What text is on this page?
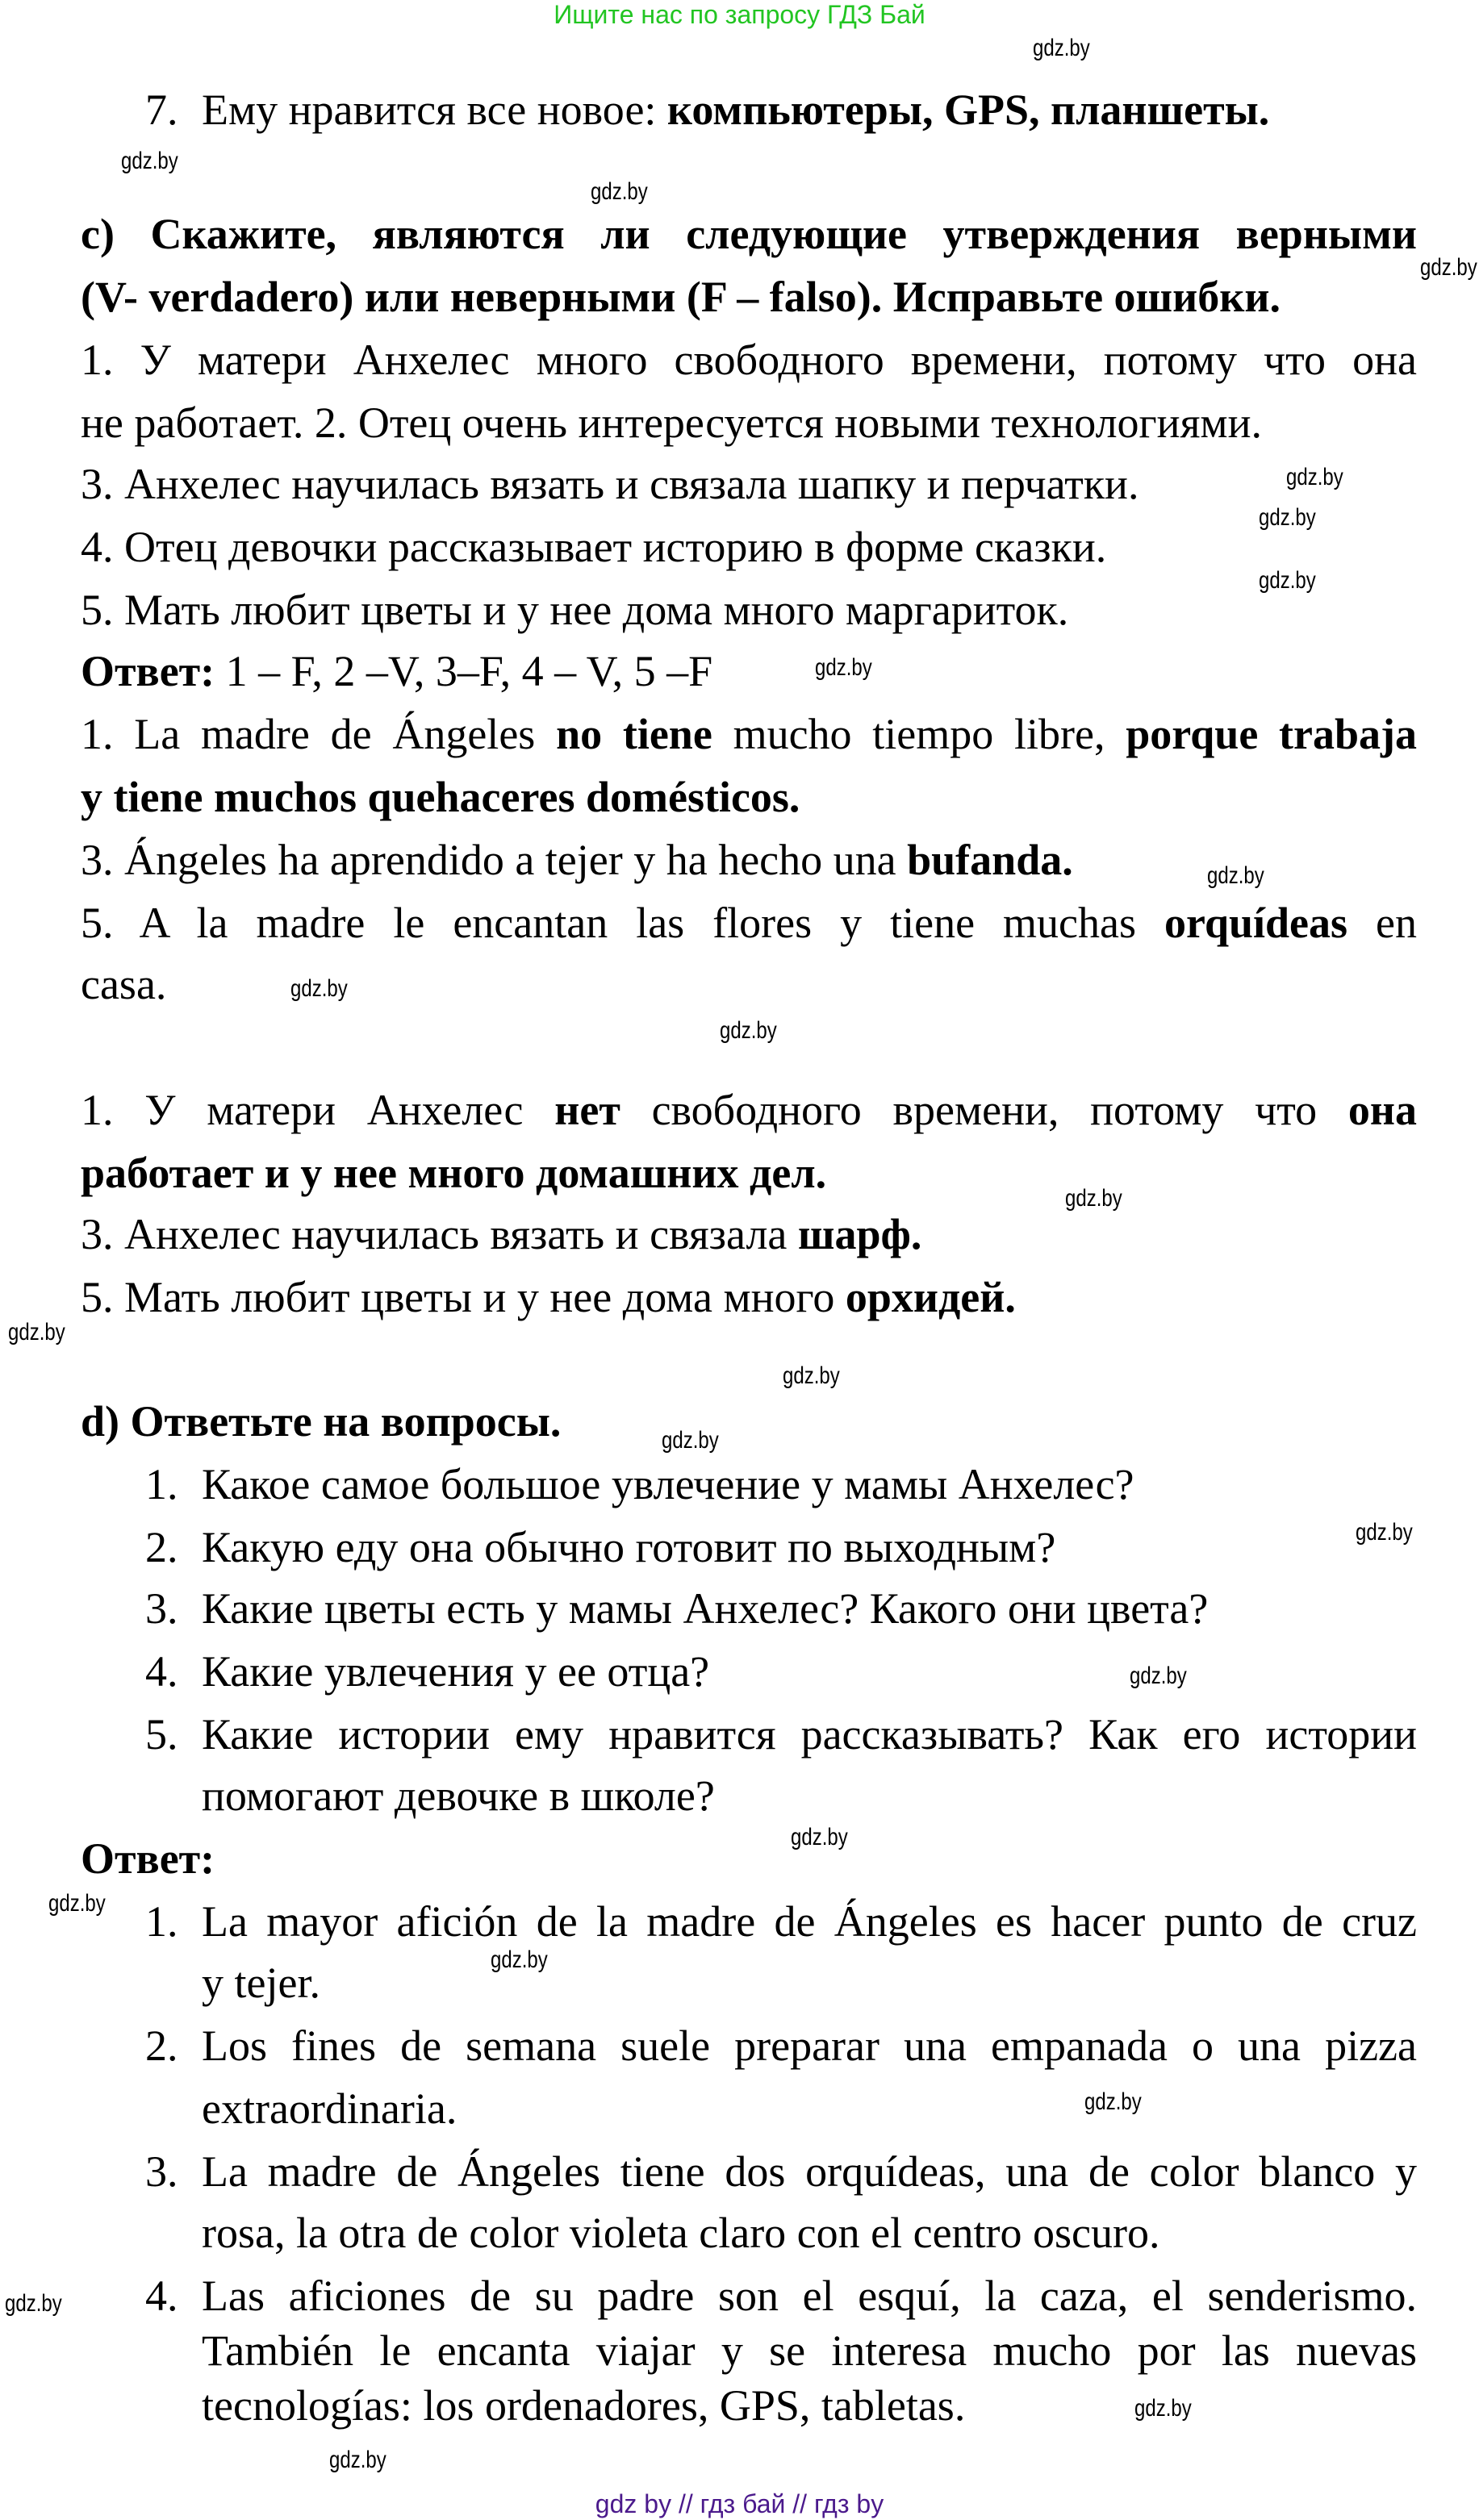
Ищите нас по запросу ГДЗ Бай
7. Ему нравится все новое: компьютеры, GPS, планшеты.
c) Скажите, являются ли следующие утверждения верными
(V- verdadero) или неверными (F – falso). Исправьте ошибки.
1. У матери Анхелес много свободного времени, потому что она
не работает. 2. Отец очень интересуется новыми технологиями.
3. Анхелес научилась вязать и связала шапку и перчатки.
4. Отец девочки рассказывает историю в форме сказки.
5. Мать любит цветы и у нее дома много маргариток.
Ответ: 1 – F, 2 –V, 3–F, 4 – V, 5 –F
1. La madre de Ángeles no tiene mucho tiempo libre, porque trabaja
y tiene muchos quehaceres domésticos.
3. Ángeles ha aprendido a tejer y ha hecho una bufanda.
5. A la madre le encantan las flores y tiene muchas orquídeas en
casa.
1. У матери Анхелес нет свободного времени, потому что она
работает и у нее много домашних дел.
3. Анхелес научилась вязать и связала шарф.
5. Мать любит цветы и у нее дома много орхидей.
d) Ответьте на вопросы.
1. Какое самое большое увлечение у мамы Анхелес?
2. Какую еду она обычно готовит по выходным?
3. Какие цветы есть у мамы Анхелес? Какого они цвета?
4. Какие увлечения у ее отца?
5. Какие истории ему нравится рассказывать? Как его истории
помогают девочке в школе?
Ответ:
1. La mayor afición de la madre de Ángeles es hacer punto de cruz
y tejer.
2. Los fines de semana suele preparar una empanada o una pizza
extraordinaria.
3. La madre de Ángeles tiene dos orquídeas, una de color blanco y
rosa, la otra de color violeta claro con el centro oscuro.
4. Las aficiones de su padre son el esquí, la caza, el senderismo.
También le encanta viajar y se interesa mucho por las nuevas
tecnologías: los ordenadores, GPS, tabletas.
gdz.by
gdz.by
gdz.by
gdz.by
gdz.by
gdz.by
gdz.by
gdz.by
gdz.by
gdz.by
gdz.by
gdz.by
gdz.by
gdz.by
gdz.by
gdz.by
gdz.by
gdz.by
gdz.by
gdz.by
gdz.by
gdz.by
gdz.by
gdz.by
gdz by // гдз бай // гдз by
